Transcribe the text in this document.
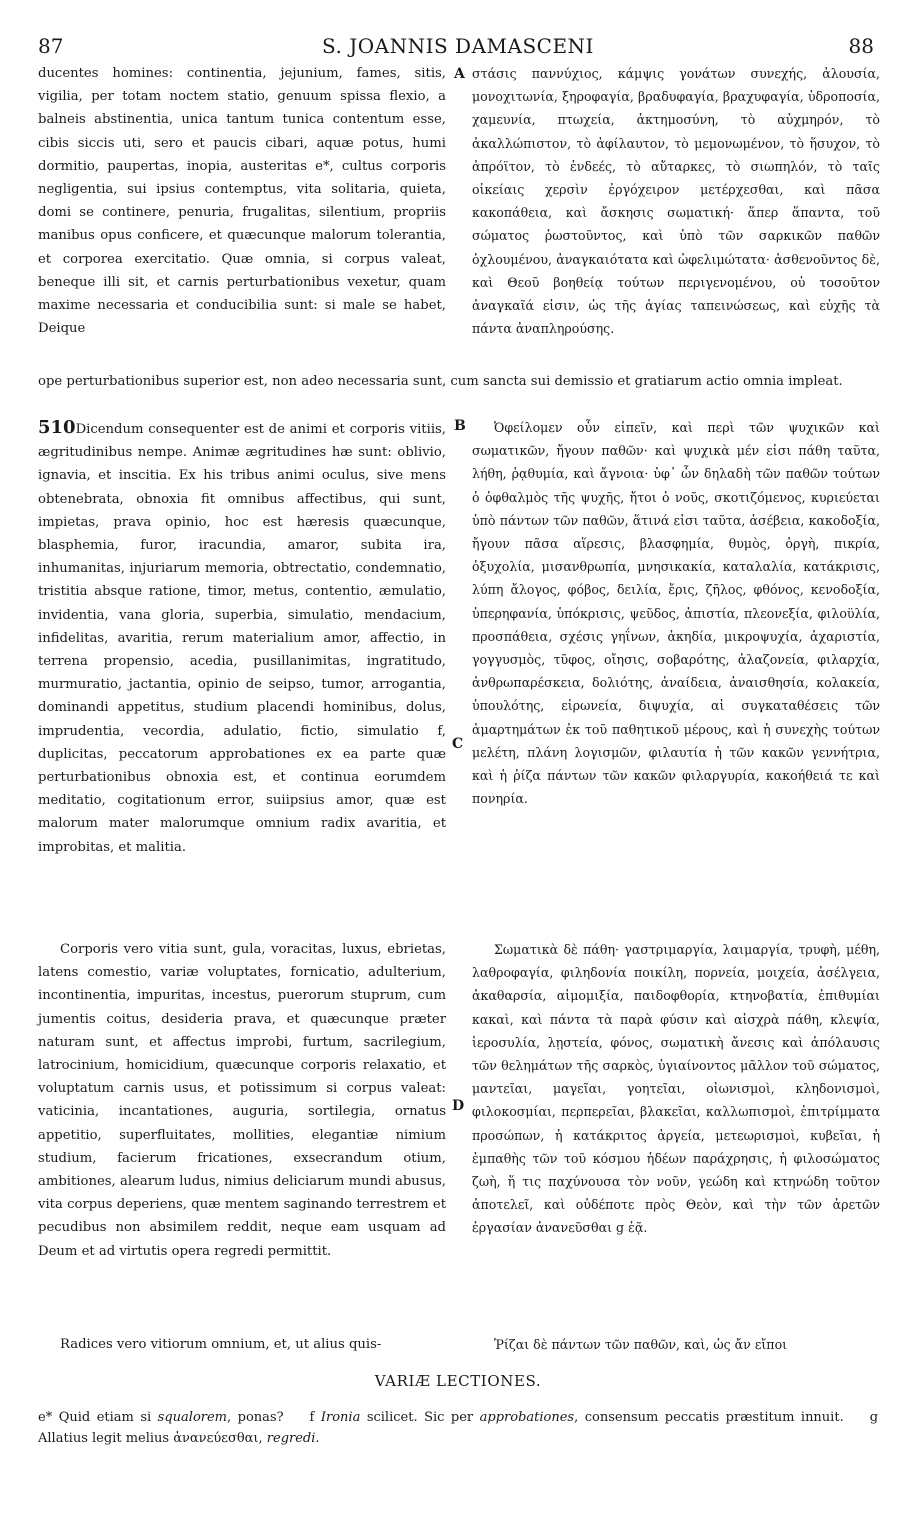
87	S. JOANNIS DAMASCENI	88
A
B
C
D

ducentes homines: continentia, jejunium, fames, sitis, vigilia, per totam noctem statio, genuum spissa flexio, a balneis abstinentia, unica tantum tunica contentum esse, cibis siccis uti, sero et paucis cibari, aquæ potus, humi dormitio, paupertas, inopia, austeritas e*, cultus corporis negligentia, sui ipsius contemptus, vita solitaria, quieta, domi se continere, penuria, frugalitas, silentium, propriis manibus opus conficere, et quæcunque malorum tolerantia, et corporea exercitatio. Quæ omnia, si corpus valeat, beneque illi sit, et carnis perturbationibus vexetur, quam maxime necessaria et conducibilia sunt: si male se habet, Deique

στάσις παννύχιος, κάμψις γονάτων συνεχής, ἀλουσία, μονοχιτωνία, ξηροφαγία, βραδυφαγία, βραχυφαγία, ὑδροποσία, χαμευνία, πτωχεία, ἀκτημοσύνη, τὸ αὐχμηρόν, τὸ ἀκαλλώπιστον, τὸ ἀφίλαυτον, τὸ μεμονωμένον, τὸ ἥσυχον, τὸ ἀπρόϊτον, τὸ ἐνδεές, τὸ αὔταρκες, τὸ σιωπηλόν, τὸ ταῖς οἰκείαις χερσὶν ἐργόχειρον μετέρχεσθαι, καὶ πᾶσα κακοπάθεια, καὶ ἄσκησις σωματική· ἅπερ ἅπαντα, τοῦ σώματος ῥωστοῦντος, καὶ ὑπὸ τῶν σαρκικῶν παθῶν ὀχλουμένου, ἀναγκαιότατα καὶ ὠφελιμώτατα· ἀσθενοῦντος δὲ, καὶ Θεοῦ βοηθείᾳ τούτων περιγενομένου, οὐ τοσοῦτον ἀναγκαῖά εἰσιν, ὡς τῆς ἁγίας ταπεινώσεως, καὶ εὐχῆς τὰ πάντα ἀναπληρούσης.

ope perturbationibus superior est, non adeo necessaria sunt, cum sancta sui demissio et gratiarum actio omnia impleat.

510Dicendum consequenter est de animi et corporis vitiis, ægritudinibus nempe. Animæ ægritudines hæ sunt: oblivio, ignavia, et inscitia. Ex his tribus animi oculus, sive mens obtenebrata, obnoxia fit omnibus affectibus, qui sunt, impietas, prava opinio, hoc est hæresis quæcunque, blasphemia, furor, iracundia, amaror, subita ira, inhumanitas, injuriarum memoria, obtrectatio, condemnatio, tristitia absque ratione, timor, metus, contentio, æmulatio, invidentia, vana gloria, superbia, simulatio, mendacium, infidelitas, avaritia, rerum materialium amor, affectio, in terrena propensio, acedia, pusillanimitas, ingratitudo, murmuratio, jactantia, opinio de seipso, tumor, arrogantia, dominandi appetitus, studium placendi hominibus, dolus, imprudentia, vecordia, adulatio, fictio, simulatio f, duplicitas, peccatorum approbationes ex ea parte quæ perturbationibus obnoxia est, et continua eorumdem meditatio, cogitationum error, suiipsius amor, quæ est malorum mater malorumque omnium radix avaritia, et improbitas, et malitia.

Ὀφείλομεν οὖν εἰπεῖν, καὶ περὶ τῶν ψυχικῶν καὶ σωματικῶν, ἤγουν παθῶν· καὶ ψυχικὰ μέν εἰσι πάθη ταῦτα, λήθη, ῥᾳθυμία, καὶ ἄγνοια· ὑφ᾽ ὧν δηλαδὴ τῶν παθῶν τούτων ὁ ὀφθαλμὸς τῆς ψυχῆς, ἤτοι ὁ νοῦς, σκοτιζόμενος, κυριεύεται ὑπὸ πάντων τῶν παθῶν, ἅτινά εἰσι ταῦτα, ἀσέβεια, κακοδοξία, ἤγουν πᾶσα αἵρεσις, βλασφημία, θυμὸς, ὀργὴ, πικρία, ὀξυχολία, μισανθρωπία, μνησικακία, καταλαλία, κατάκρισις, λύπη ἄλογος, φόβος, δειλία, ἔρις, ζῆλος, φθόνος, κενοδοξία, ὑπερηφανία, ὑπόκρισις, ψεῦδος, ἀπιστία, πλεονεξία, φιλοϋλία, προσπάθεια, σχέσις γηΐνων, ἀκηδία, μικροψυχία, ἀχαριστία, γογγυσμὸς, τῦφος, οἴησις, σοβαρότης, ἀλαζονεία, φιλαρχία, ἀνθρωπαρέσκεια, δολιότης, ἀναίδεια, ἀναισθησία, κολακεία, ὑπουλότης, εἰρωνεία, διψυχία, αἱ συγκαταθέσεις τῶν ἁμαρτημάτων ἐκ τοῦ παθητικοῦ μέρους, καὶ ἡ συνεχὴς τούτων μελέτη, πλάνη λογισμῶν, φιλαυτία ἡ τῶν κακῶν γεννήτρια, καὶ ἡ ῥίζα πάντων τῶν κακῶν φιλαργυρία, κακοήθειά τε καὶ πονηρία.

Corporis vero vitia sunt, gula, voracitas, luxus, ebrietas, latens comestio, variæ voluptates, fornicatio, adulterium, incontinentia, impuritas, incestus, puerorum stuprum, cum jumentis coitus, desideria prava, et quæcunque præter naturam sunt, et affectus improbi, furtum, sacrilegium, latrocinium, homicidium, quæcunque corporis relaxatio, et voluptatum carnis usus, et potissimum si corpus valeat: vaticinia, incantationes, auguria, sortilegia, ornatus appetitio, superfluitates, mollities, elegantiæ nimium studium, facierum fricationes, exsecrandum otium, ambitiones, alearum ludus, nimius deliciarum mundi abusus, vita corpus deperiens, quæ mentem saginando terrestrem et pecudibus non absimilem reddit, neque eam usquam ad Deum et ad virtutis opera regredi permittit.

Σωματικὰ δὲ πάθη· γαστριμαργία, λαιμαργία, τρυφὴ, μέθη, λαθροφαγία, φιληδονία ποικίλη, πορνεία, μοιχεία, ἀσέλγεια, ἀκαθαρσία, αἱμομιξία, παιδοφθορία, κτηνοβατία, ἐπιθυμίαι κακαὶ, καὶ πάντα τὰ παρὰ φύσιν καὶ αἰσχρὰ πάθη, κλεψία, ἱεροσυλία, λῃστεία, φόνος, σωματικὴ ἄνεσις καὶ ἀπόλαυσις τῶν θελημάτων τῆς σαρκὸς, ὑγιαίνοντος μᾶλλον τοῦ σώματος, μαντεῖαι, μαγεῖαι, γοητεῖαι, οἰωνισμοὶ, κληδονισμοὶ, φιλοκοσμίαι, περπερεῖαι, βλακεῖαι, καλλωπισμοὶ, ἐπιτρίμματα προσώπων, ἡ κατάκριτος ἀργεία, μετεωρισμοὶ, κυβεῖαι, ἡ ἐμπαθὴς τῶν τοῦ κόσμου ἡδέων παράχρησις, ἡ φιλοσώματος ζωὴ, ἥ τις παχύνουσα τὸν νοῦν, γεώδη καὶ κτηνώδη τοῦτον ἀποτελεῖ, καὶ οὐδέποτε πρὸς Θεὸν, καὶ τὴν τῶν ἀρετῶν ἐργασίαν ἀνανεῦσθαι g ἐᾷ.

Radices vero vitiorum omnium, et, ut alius quis-	Ῥίζαι δὲ πάντων τῶν παθῶν, καὶ, ὡς ἄν εἴποι

VARIÆ LECTIONES.
e* Quid etiam si squalorem, ponas? f Ironia scilicet. Sic per approbationes, consensum peccatis præstitum innuit. g Allatius legit melius ἀνανεύεσθαι, regredi.
